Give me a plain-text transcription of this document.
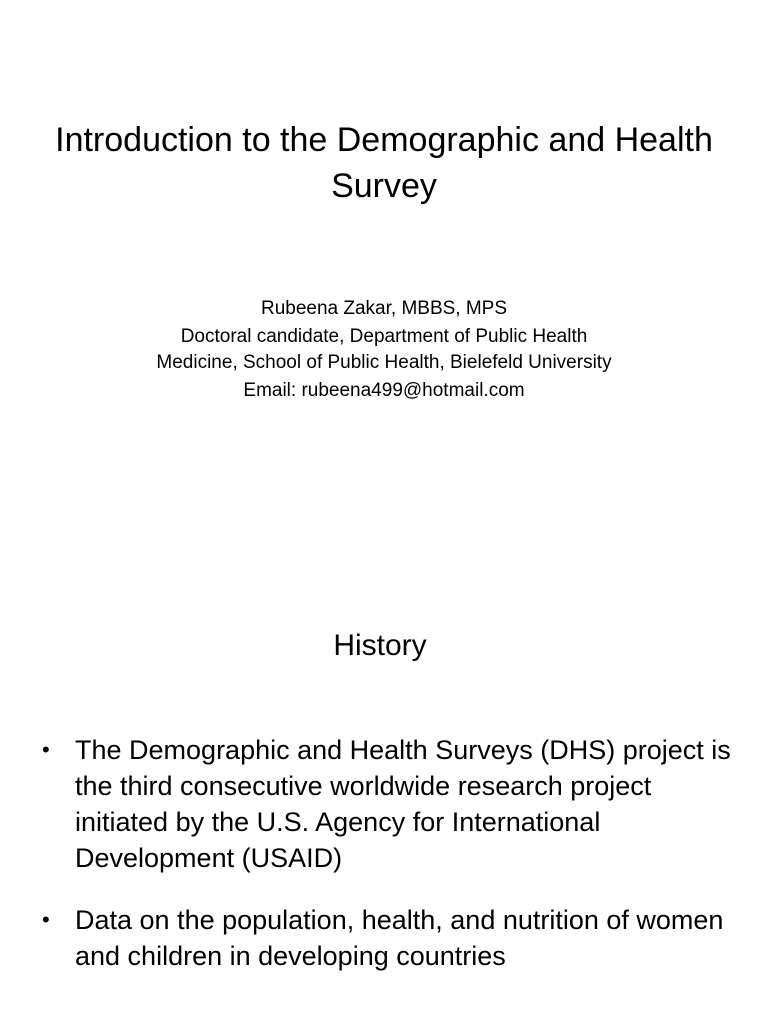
Introduction to the Demographic and Health Survey
Rubeena Zakar, MBBS, MPS
Doctoral candidate, Department of Public Health
Medicine, School of Public Health, Bielefeld University
Email: rubeena499@hotmail.com
History
• The Demographic and Health Surveys (DHS) project is the third consecutive worldwide research project initiated by the U.S. Agency for International Development (USAID)
• Data on the population, health, and nutrition of women and children in developing countries
